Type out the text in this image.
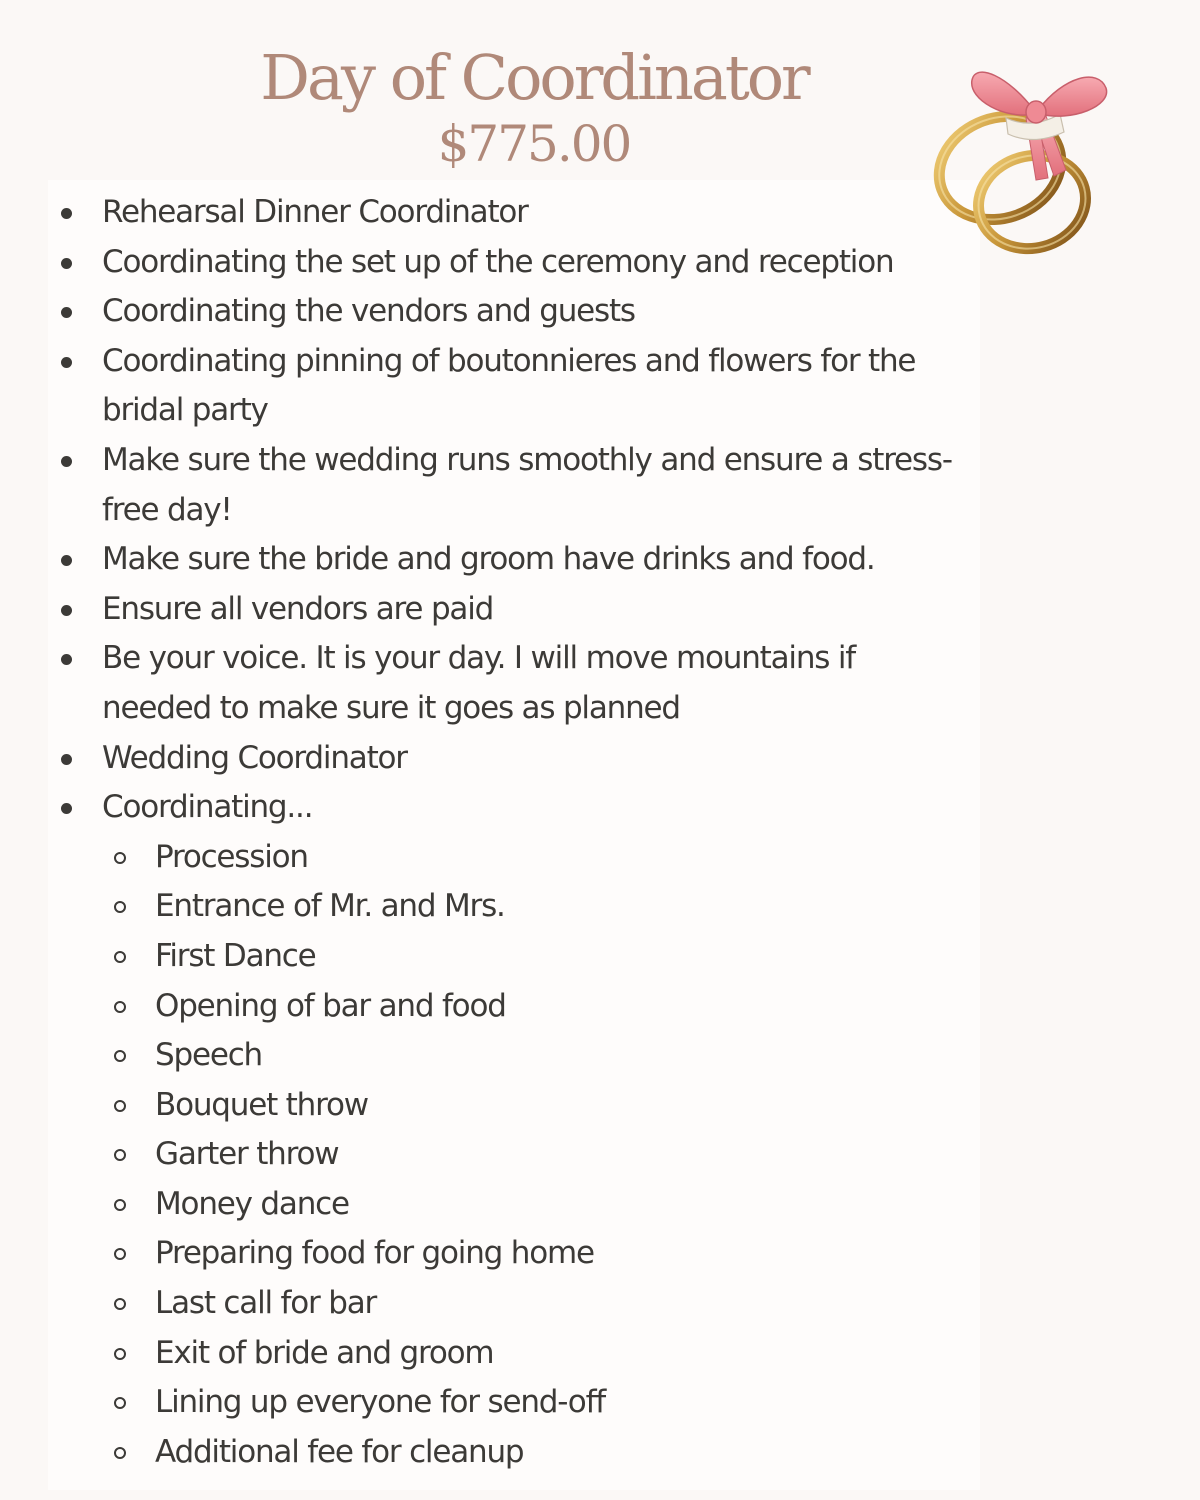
Day of Coordinator
$775.00
Rehearsal Dinner Coordinator
Coordinating the set up of the ceremony and reception
Coordinating the vendors and guests
Coordinating pinning of boutonnieres and flowers for the bridal party
Make sure the wedding runs smoothly and ensure a stress-free day!
Make sure the bride and groom have drinks and food.
Ensure all vendors are paid
Be your voice. It is your day. I will move mountains if needed to make sure it goes as planned
Wedding Coordinator
Coordinating...
Procession
Entrance of Mr. and Mrs.
First Dance
Opening of bar and food
Speech
Bouquet throw
Garter throw
Money dance
Preparing food for going home
Last call for bar
Exit of bride and groom
Lining up everyone for send-off
Additional fee for cleanup
